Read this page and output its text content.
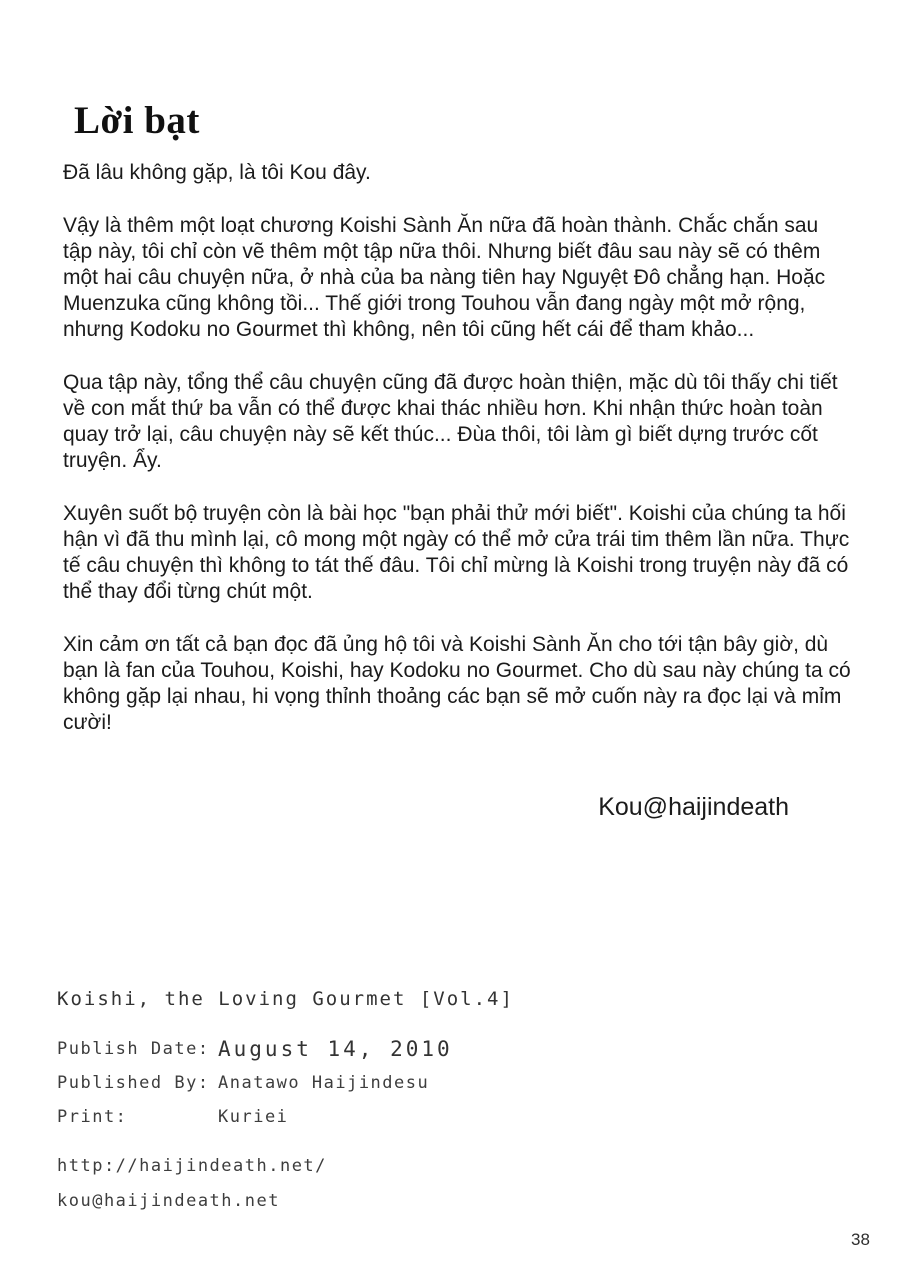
Lời bạt

Đã lâu không gặp, là tôi Kou đây.

Vậy là thêm một loạt chương Koishi Sành Ăn nữa đã hoàn thành. Chắc chắn sau tập này, tôi chỉ còn vẽ thêm một tập nữa thôi. Nhưng biết đâu sau này sẽ có thêm một hai câu chuyện nữa, ở nhà của ba nàng tiên hay Nguyệt Đô chẳng hạn. Hoặc Muenzuka cũng không tồi... Thế giới trong Touhou vẫn đang ngày một mở rộng, nhưng Kodoku no Gourmet thì không, nên tôi cũng hết cái để tham khảo...

Qua tập này, tổng thể câu chuyện cũng đã được hoàn thiện, mặc dù tôi thấy chi tiết về con mắt thứ ba vẫn có thể được khai thác nhiều hơn. Khi nhận thức hoàn toàn quay trở lại, câu chuyện này sẽ kết thúc... Đùa thôi, tôi làm gì biết dựng trước cốt truyện. Ẩy.

Xuyên suốt bộ truyện còn là bài học "bạn phải thử mới biết". Koishi của chúng ta hối hận vì đã thu mình lại, cô mong một ngày có thể mở cửa trái tim thêm lần nữa. Thực tế câu chuyện thì không to tát thế đâu. Tôi chỉ mừng là Koishi trong truyện này đã có thể thay đổi từng chút một.

Xin cảm ơn tất cả bạn đọc đã ủng hộ tôi và Koishi Sành Ăn cho tới tận bây giờ, dù bạn là fan của Touhou, Koishi, hay Kodoku no Gourmet. Cho dù sau này chúng ta có không gặp lại nhau, hi vọng thỉnh thoảng các bạn sẽ mở cuốn này ra đọc lại và mỉm cười!

Kou@haijindeath
Koishi, the Loving Gourmet [Vol.4]
Publish Date: August 14, 2010
Published By: Anatawo Haijindesu
Print:	Kuriei
http://haijindeath.net/
kou@haijindeath.net
38
